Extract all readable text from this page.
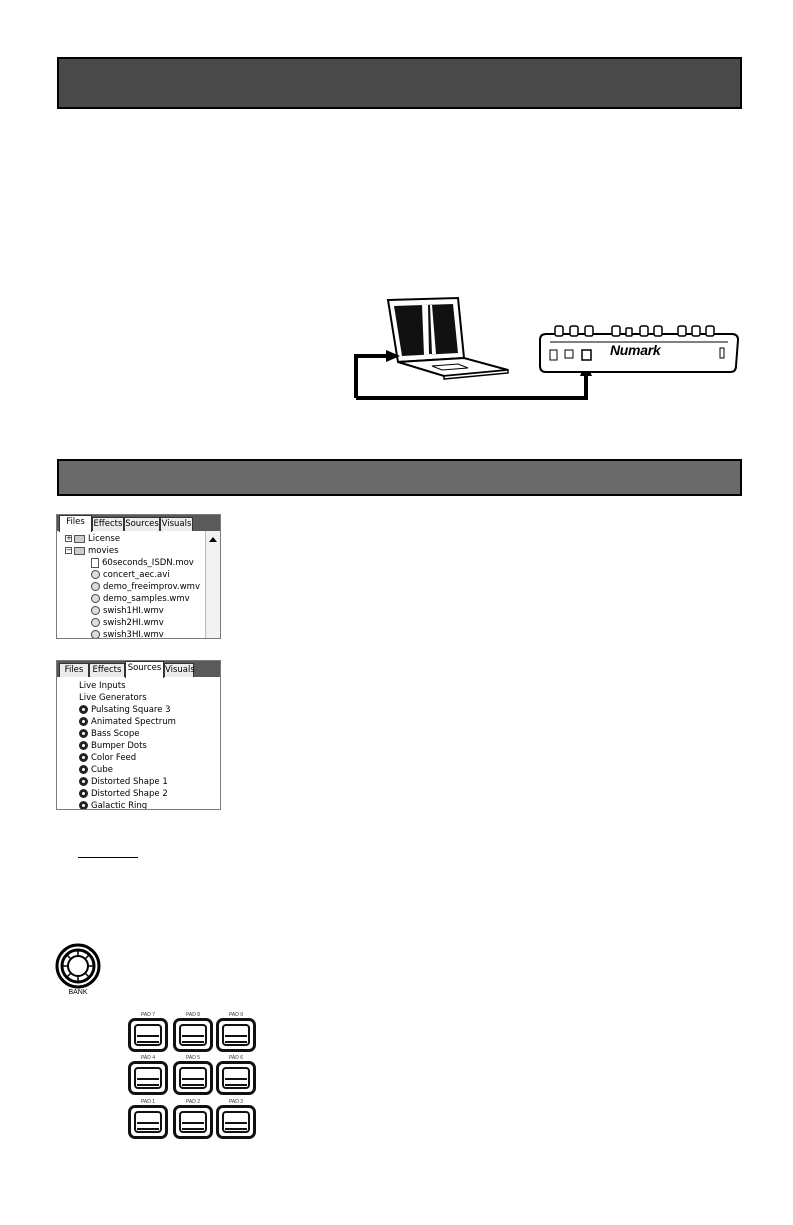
Numark
Files	Effects Sources Visuals
+ License
− movies
60seconds_ISDN.mov
concert_aec.avi
demo_freeimprov.wmv
demo_samples.wmv
swish1HI.wmv
swish2HI.wmv
swish3HI.wmv
Files	Effects Sources Visuals
Live Inputs
Live Generators
Pulsating Square 3
Animated Spectrum
Bass Scope
Bumper Dots
Color Feed
Cube
Distorted Shape 1
Distorted Shape 2
Galactic Ring
BANK
PAD 7	PAD 8	PAD 9
PAD 4	PAD 5	PAD 6
PAD 1	PAD 2	PAD 3
